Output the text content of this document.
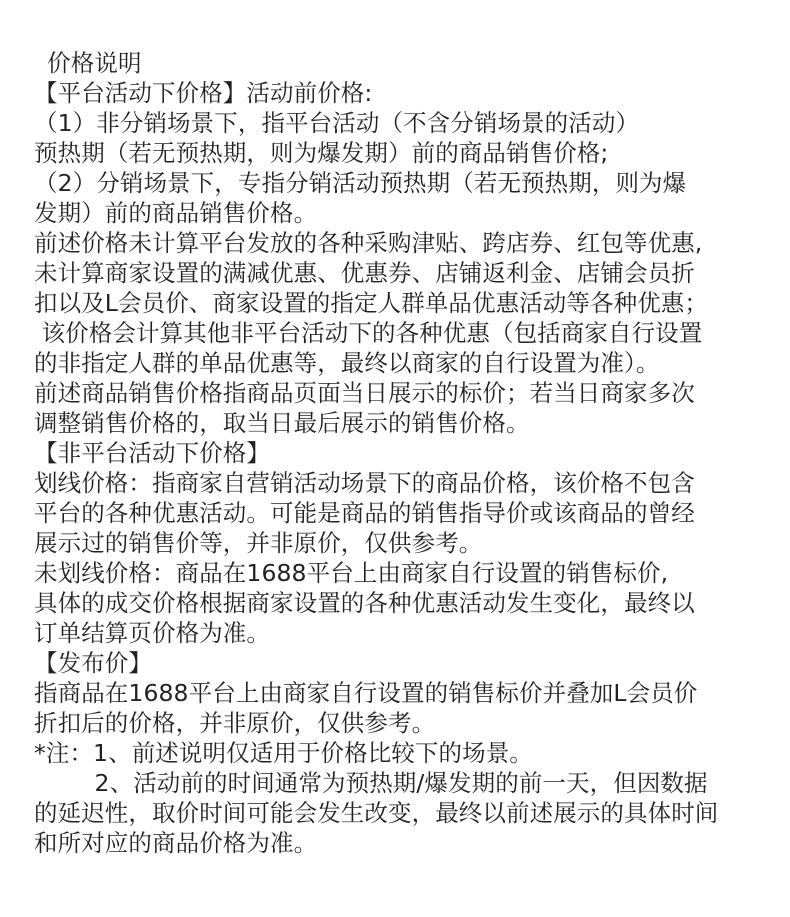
价格说明
【平台活动下价格】活动前价格:
（1）非分销场景下，指平台活动（不含分销场景的活动）
预热期（若无预热期，则为爆发期）前的商品销售价格;
（2）分销场景下，专指分销活动预热期（若无预热期，则为爆
发期）前的商品销售价格。
前述价格未计算平台发放的各种采购津贴、跨店券、红包等优惠,
未计算商家设置的满减优惠、优惠券、店铺返利金、店铺会员折
扣以及L会员价、商家设置的指定人群单品优惠活动等各种优惠；
该价格会计算其他非平台活动下的各种优惠（包括商家自行设置
的非指定人群的单品优惠等，最终以商家的自行设置为准）。
前述商品销售价格指商品页面当日展示的标价；若当日商家多次
调整销售价格的，取当日最后展示的销售价格。
【非平台活动下价格】
划线价格：指商家自营销活动场景下的商品价格，该价格不包含
平台的各种优惠活动。可能是商品的销售指导价或该商品的曾经
展示过的销售价等，并非原价，仅供参考。
未划线价格：商品在1688平台上由商家自行设置的销售标价,
具体的成交价格根据商家设置的各种优惠活动发生变化，最终以
订单结算页价格为准。
【发布价】
指商品在1688平台上由商家自行设置的销售标价并叠加L会员价
折扣后的价格，并非原价，仅供参考。
*注：1、前述说明仅适用于价格比较下的场景。
2、活动前的时间通常为预热期/爆发期的前一天，但因数据
的延迟性，取价时间可能会发生改变，最终以前述展示的具体时间
和所对应的商品价格为准。
